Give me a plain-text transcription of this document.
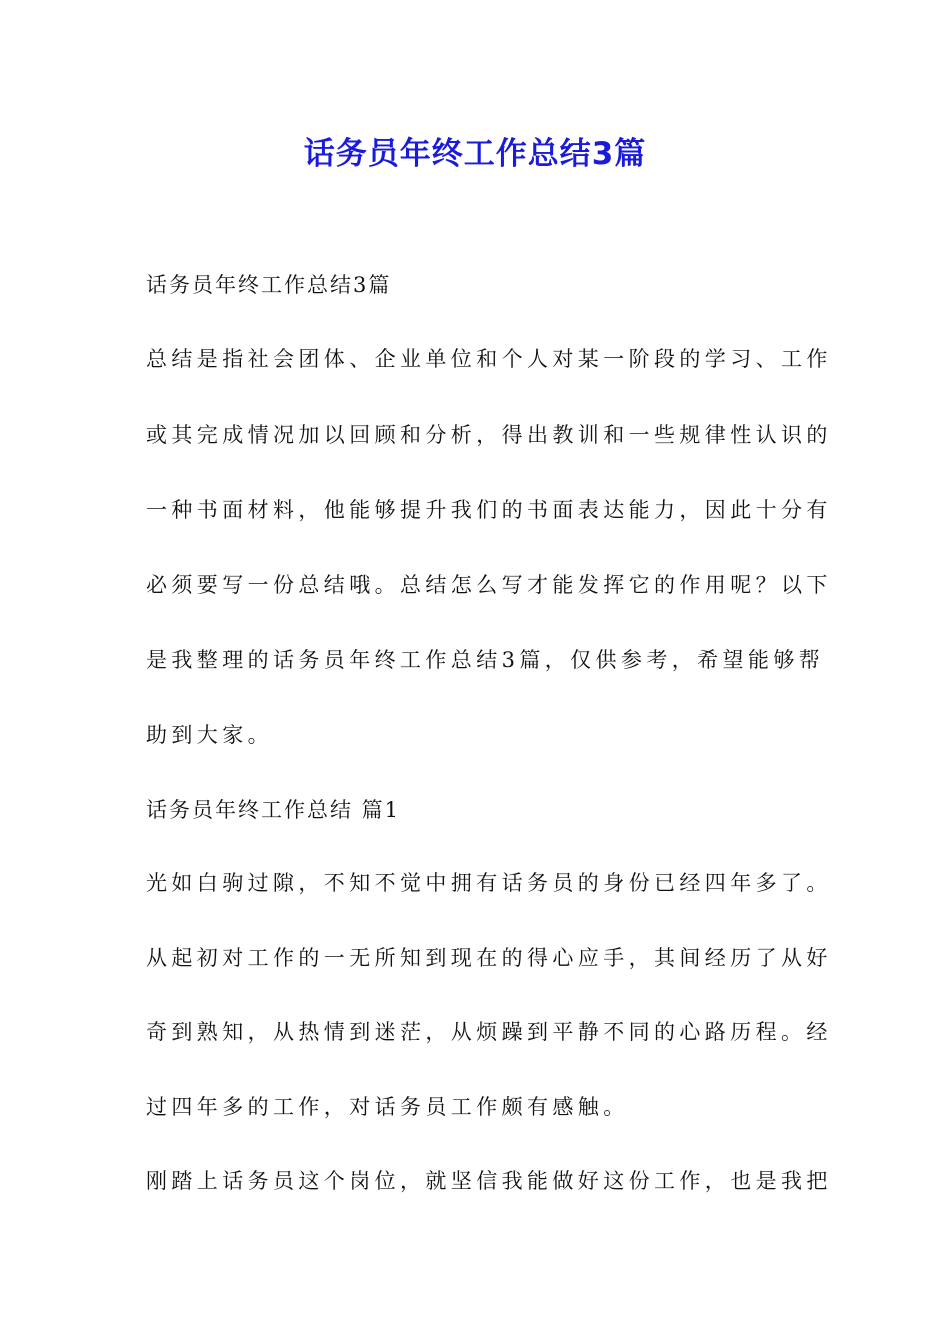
话务员年终工作总结3篇
话务员年终工作总结3篇
总结是指社会团体、企业单位和个人对某一阶段的学习、工作
或其完成情况加以回顾和分析，得出教训和一些规律性认识的
一种书面材料，他能够提升我们的书面表达能力，因此十分有
必须要写一份总结哦。总结怎么写才能发挥它的作用呢？以下
是我整理的话务员年终工作总结3篇，仅供参考，希望能够帮
助到大家。
话务员年终工作总结 篇1
光如白驹过隙，不知不觉中拥有话务员的身份已经四年多了。
从起初对工作的一无所知到现在的得心应手，其间经历了从好
奇到熟知，从热情到迷茫，从烦躁到平静不同的心路历程。经
过四年多的工作，对话务员工作颇有感触。
刚踏上话务员这个岗位，就坚信我能做好这份工作，也是我把
